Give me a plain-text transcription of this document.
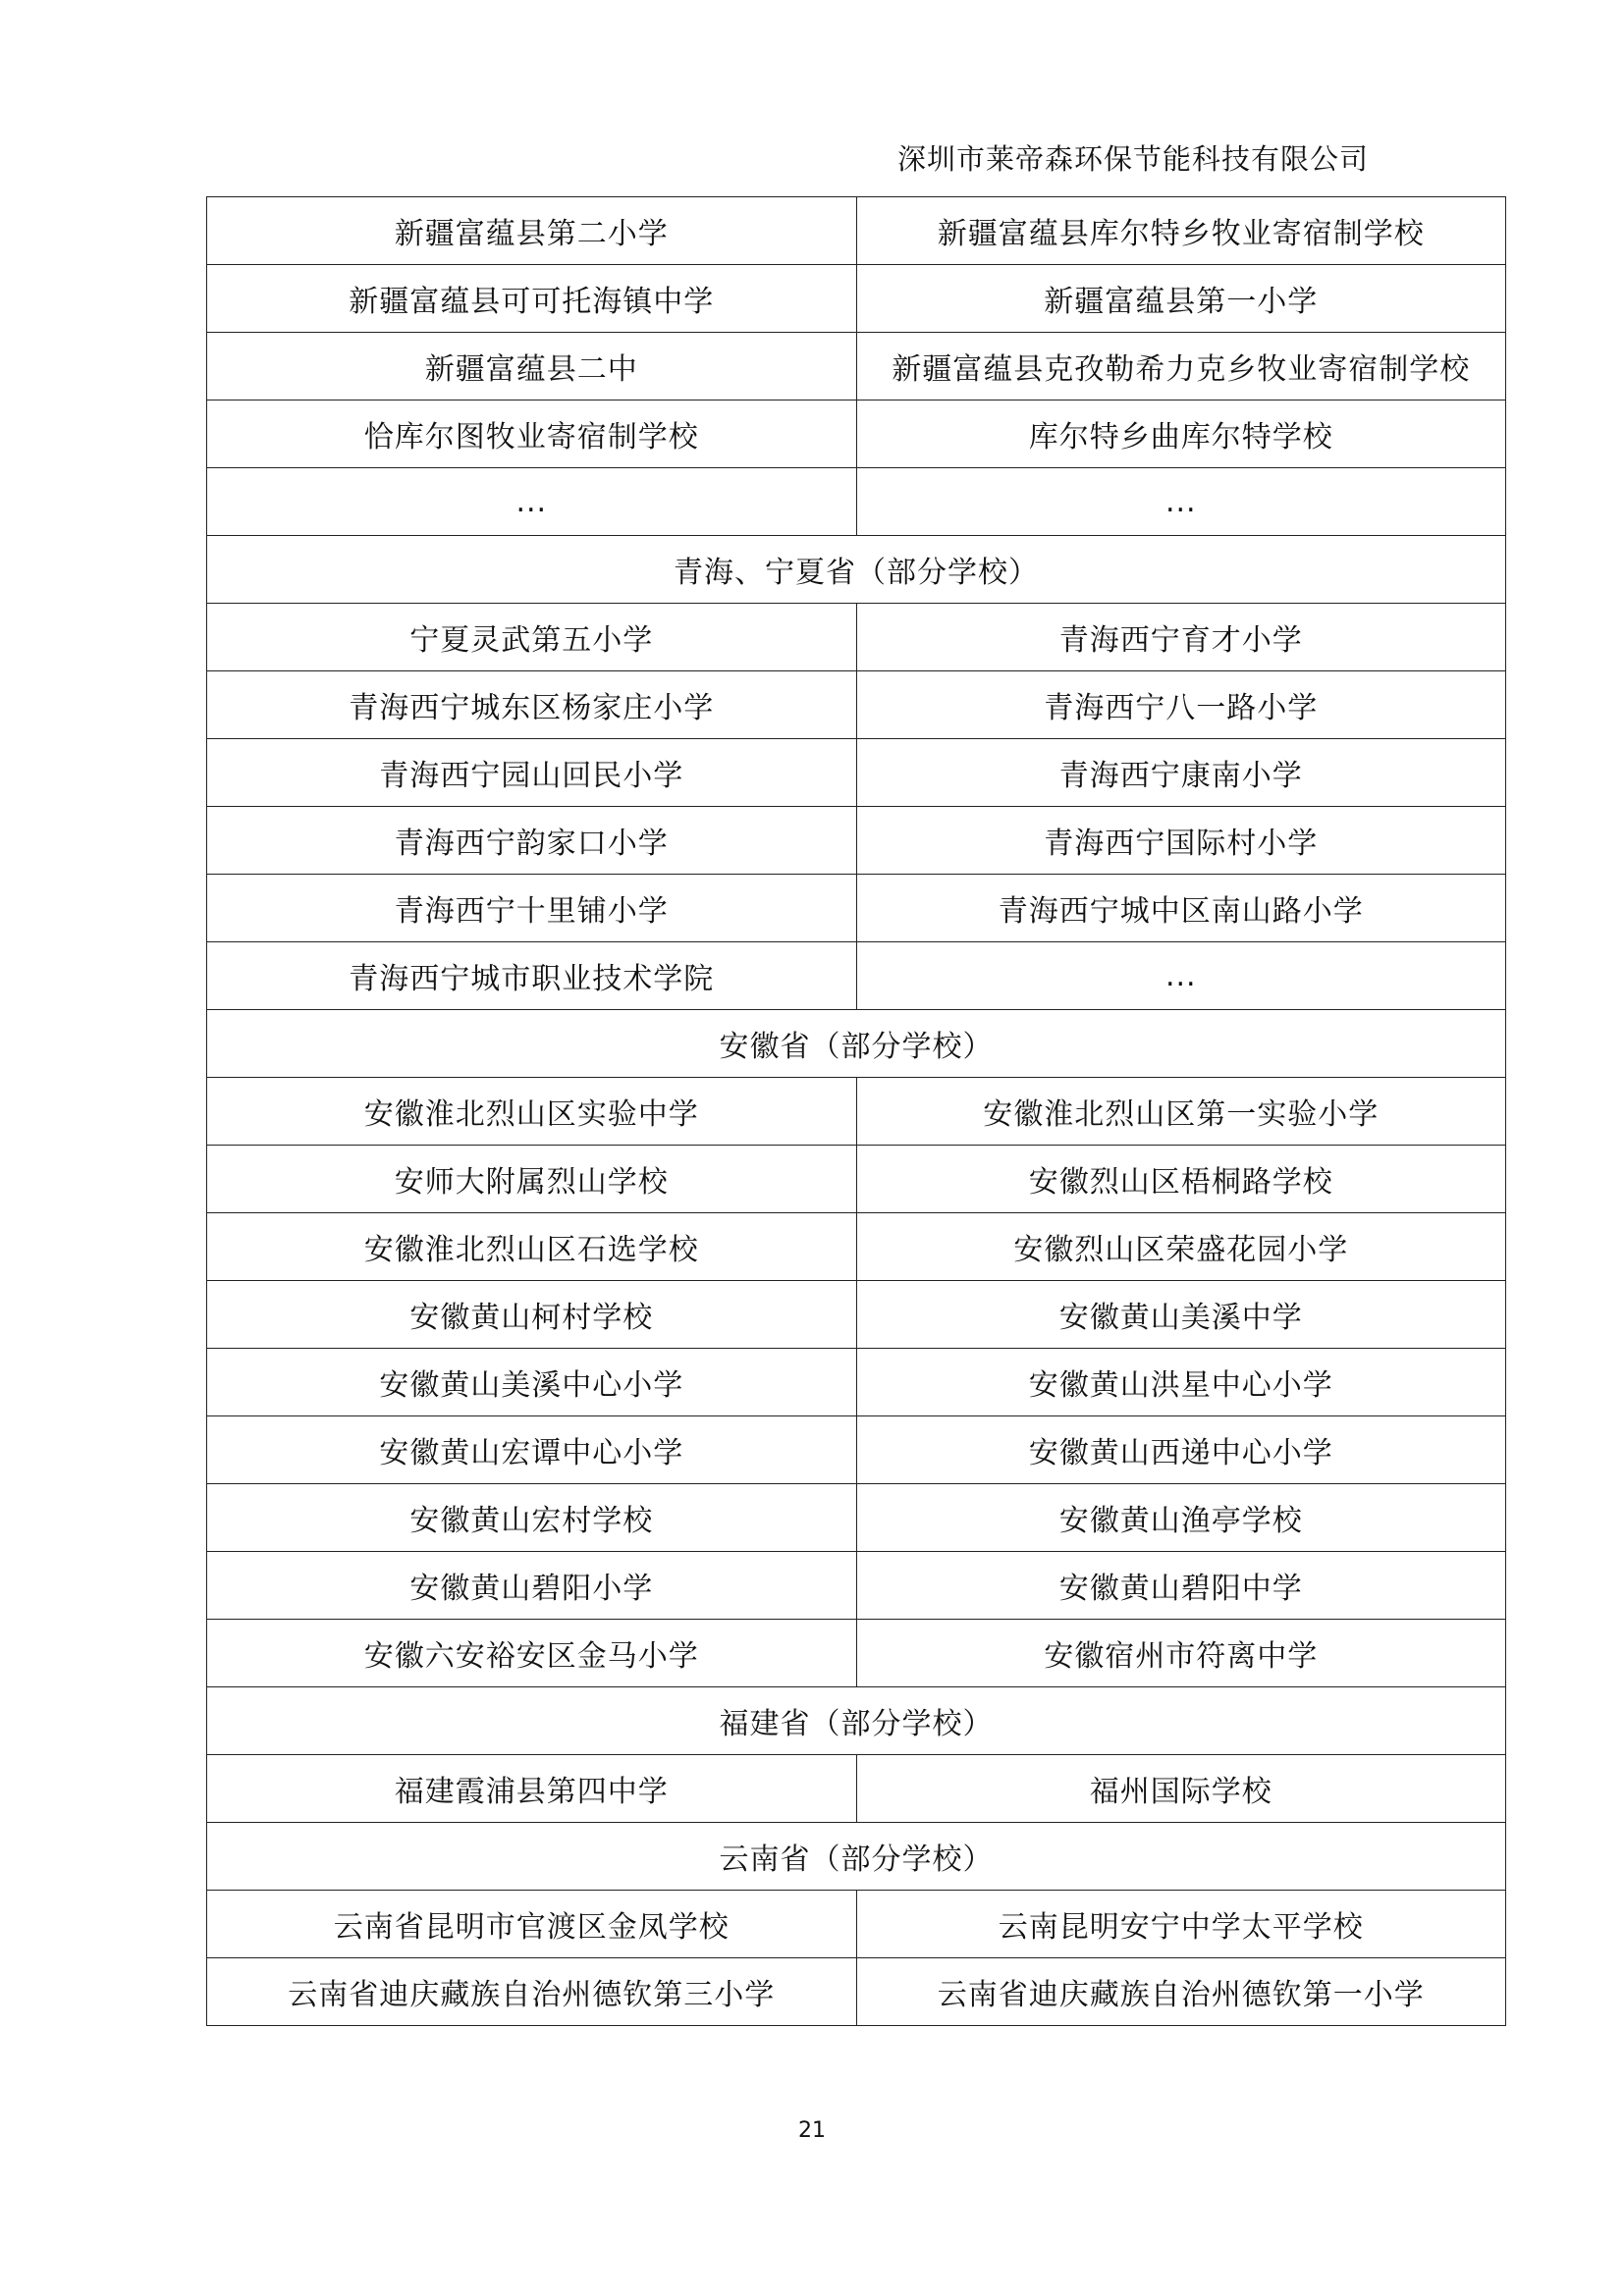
深圳市莱帝森环保节能科技有限公司
新疆富蕴县第二小学	新疆富蕴县库尔特乡牧业寄宿制学校
新疆富蕴县可可托海镇中学	新疆富蕴县第一小学
新疆富蕴县二中	新疆富蕴县克孜勒希力克乡牧业寄宿制学校
恰库尔图牧业寄宿制学校	库尔特乡曲库尔特学校
...	...
青海、宁夏省（部分学校）	
宁夏灵武第五小学	青海西宁育才小学
青海西宁城东区杨家庄小学	青海西宁八一路小学
青海西宁园山回民小学	青海西宁康南小学
青海西宁韵家口小学	青海西宁国际村小学
青海西宁十里铺小学	青海西宁城中区南山路小学
青海西宁城市职业技术学院	...
安徽省（部分学校）	
安徽淮北烈山区实验中学	安徽淮北烈山区第一实验小学
安师大附属烈山学校	安徽烈山区梧桐路学校
安徽淮北烈山区石选学校	安徽烈山区荣盛花园小学
安徽黄山柯村学校	安徽黄山美溪中学
安徽黄山美溪中心小学	安徽黄山洪星中心小学
安徽黄山宏谭中心小学	安徽黄山西递中心小学
安徽黄山宏村学校	安徽黄山渔亭学校
安徽黄山碧阳小学	安徽黄山碧阳中学
安徽六安裕安区金马小学	安徽宿州市符离中学
福建省（部分学校）	
福建霞浦县第四中学	福州国际学校
云南省（部分学校）	
云南省昆明市官渡区金凤学校	云南昆明安宁中学太平学校
云南省迪庆藏族自治州德钦第三小学	云南省迪庆藏族自治州德钦第一小学
21
